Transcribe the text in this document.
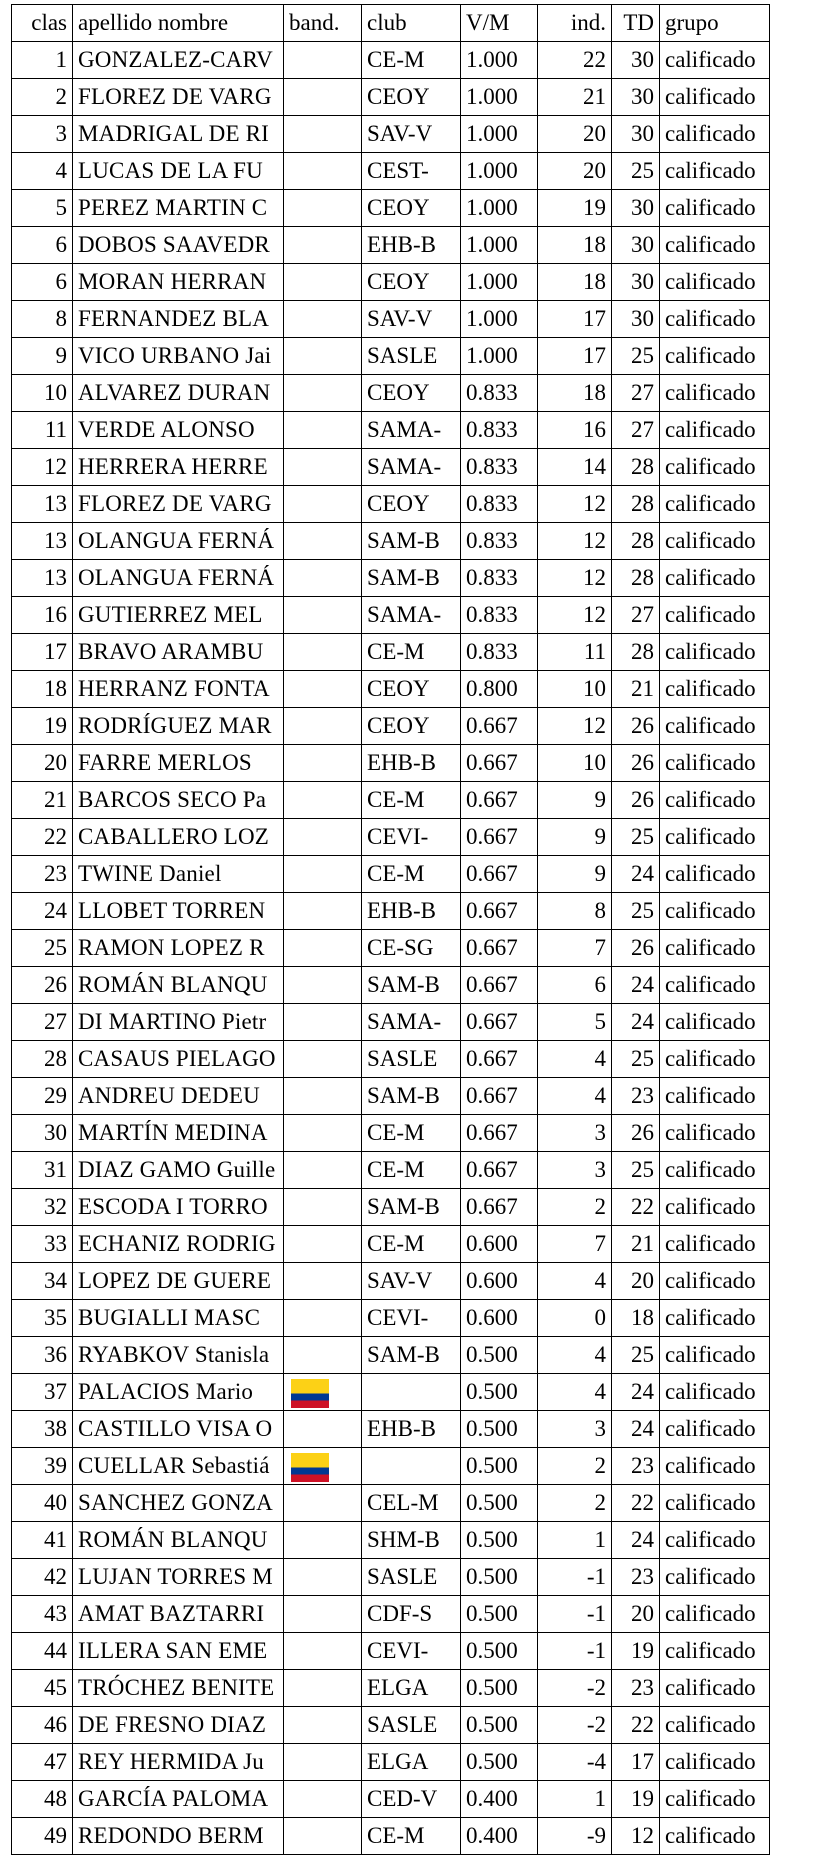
clas	apellido nombre	band.	club	V/M	ind.	TD	grupo
1	GONZALEZ-CARV		CE-M	1.000	22	30	calificado
2	FLOREZ DE VARG		CEOY	1.000	21	30	calificado
3	MADRIGAL DE RI		SAV-V	1.000	20	30	calificado
4	LUCAS DE LA FU		CEST-	1.000	20	25	calificado
5	PEREZ MARTIN C		CEOY	1.000	19	30	calificado
6	DOBOS SAAVEDR		EHB-B	1.000	18	30	calificado
6	MORAN HERRAN		CEOY	1.000	18	30	calificado
8	FERNANDEZ BLA		SAV-V	1.000	17	30	calificado
9	VICO URBANO Jai		SASLE	1.000	17	25	calificado
10	ALVAREZ DURAN		CEOY	0.833	18	27	calificado
11	VERDE ALONSO		SAMA-	0.833	16	27	calificado
12	HERRERA HERRE		SAMA-	0.833	14	28	calificado
13	FLOREZ DE VARG		CEOY	0.833	12	28	calificado
13	OLANGUA FERNÁ		SAM-B	0.833	12	28	calificado
13	OLANGUA FERNÁ		SAM-B	0.833	12	28	calificado
16	GUTIERREZ MEL		SAMA-	0.833	12	27	calificado
17	BRAVO ARAMBU		CE-M	0.833	11	28	calificado
18	HERRANZ FONTA		CEOY	0.800	10	21	calificado
19	RODRÍGUEZ MAR		CEOY	0.667	12	26	calificado
20	FARRE MERLOS		EHB-B	0.667	10	26	calificado
21	BARCOS SECO Pa		CE-M	0.667	9	26	calificado
22	CABALLERO LOZ		CEVI-	0.667	9	25	calificado
23	TWINE Daniel		CE-M	0.667	9	24	calificado
24	LLOBET TORREN		EHB-B	0.667	8	25	calificado
25	RAMON LOPEZ R		CE-SG	0.667	7	26	calificado
26	ROMÁN BLANQU		SAM-B	0.667	6	24	calificado
27	DI MARTINO Pietr		SAMA-	0.667	5	24	calificado
28	CASAUS PIELAGO		SASLE	0.667	4	25	calificado
29	ANDREU DEDEU		SAM-B	0.667	4	23	calificado
30	MARTÍN MEDINA		CE-M	0.667	3	26	calificado
31	DIAZ GAMO Guille		CE-M	0.667	3	25	calificado
32	ESCODA I TORRO		SAM-B	0.667	2	22	calificado
33	ECHANIZ RODRIG		CE-M	0.600	7	21	calificado
34	LOPEZ DE GUERE		SAV-V	0.600	4	20	calificado
35	BUGIALLI MASC		CEVI-	0.600	0	18	calificado
36	RYABKOV Stanisla		SAM-B	0.500	4	25	calificado
37	PALACIOS Mario			0.500	4	24	calificado
38	CASTILLO VISA O		EHB-B	0.500	3	24	calificado
39	CUELLAR Sebastiá			0.500	2	23	calificado
40	SANCHEZ GONZA		CEL-M	0.500	2	22	calificado
41	ROMÁN BLANQU		SHM-B	0.500	1	24	calificado
42	LUJAN TORRES M		SASLE	0.500	-1	23	calificado
43	AMAT BAZTARRI		CDF-S	0.500	-1	20	calificado
44	ILLERA SAN EME		CEVI-	0.500	-1	19	calificado
45	TRÓCHEZ BENITE		ELGA	0.500	-2	23	calificado
46	DE FRESNO DIAZ		SASLE	0.500	-2	22	calificado
47	REY HERMIDA Ju		ELGA	0.500	-4	17	calificado
48	GARCÍA PALOMA		CED-V	0.400	1	19	calificado
49	REDONDO BERM		CE-M	0.400	-9	12	calificado
